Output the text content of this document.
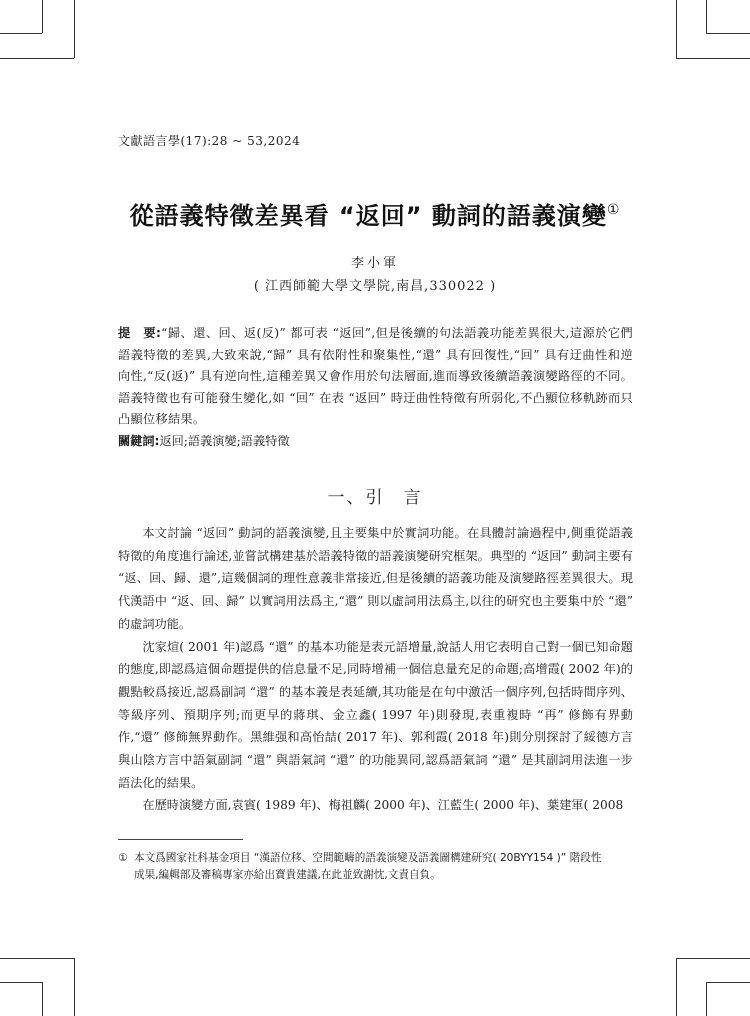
文獻語言學(17):28 ~ 53,2024
從語義特徵差異看 “返回” 動詞的語義演變①
李小軍
( 江西師範大學文學院,南昌,330022 )
提　要:“歸、還、回、返(反)” 都可表 “返回”,但是後續的句法語義功能差異很大,這源於它們語義特徵的差異,大致來說,“歸” 具有依附性和聚集性,“還” 具有回復性,“回” 具有迂曲性和逆向性,“反(返)” 具有逆向性,這種差異又會作用於句法層面,進而導致後續語義演變路徑的不同。語義特徵也有可能發生變化,如 “回” 在表 “返回” 時迂曲性特徵有所弱化,不凸顯位移軌跡而只凸顯位移結果。
關鍵詞:返回;語義演變;語義特徵
一、引　言

本文討論 “返回” 動詞的語義演變,且主要集中於實詞功能。在具體討論過程中,側重從語義特徵的角度進行論述,並嘗試構建基於語義特徵的語義演變研究框架。典型的 “返回” 動詞主要有 “返、回、歸、還”,這幾個詞的理性意義非常接近,但是後續的語義功能及演變路徑差異很大。現代漢語中 “返、回、歸” 以實詞用法爲主,“還” 則以虛詞用法爲主,以往的研究也主要集中於 “還” 的虛詞功能。

沈家煊( 2001 年)認爲 “還” 的基本功能是表元語增量,說話人用它表明自己對一個已知命題的態度,即認爲這個命題提供的信息量不足,同時增補一個信息量充足的命題;高增霞( 2002 年)的觀點較爲接近,認爲副詞 “還” 的基本義是表延續,其功能是在句中激活一個序列,包括時間序列、等級序列、預期序列;而更早的蔣琪、金立鑫( 1997 年)則發現,表重複時 “再” 修飾有界動作,“還” 修飾無界動作。黑維强和高怡喆( 2017 年)、郭利霞( 2018 年)則分別探討了綏德方言與山陰方言中語氣副詞 “還” 與語氣詞 “還” 的功能異同,認爲語氣詞 “還” 是其副詞用法進一步語法化的結果。

在歷時演變方面,袁賓( 1989 年)、梅祖麟( 2000 年)、江藍生( 2000 年)、葉建軍( 2008

① 本文爲國家社科基金項目 “漢語位移、空間範疇的語義演變及語義圖構建研究( 20BYY154 )” 階段性
成果,編輯部及審稿專家亦給出寶貴建議,在此並致謝忱,文責自負。
